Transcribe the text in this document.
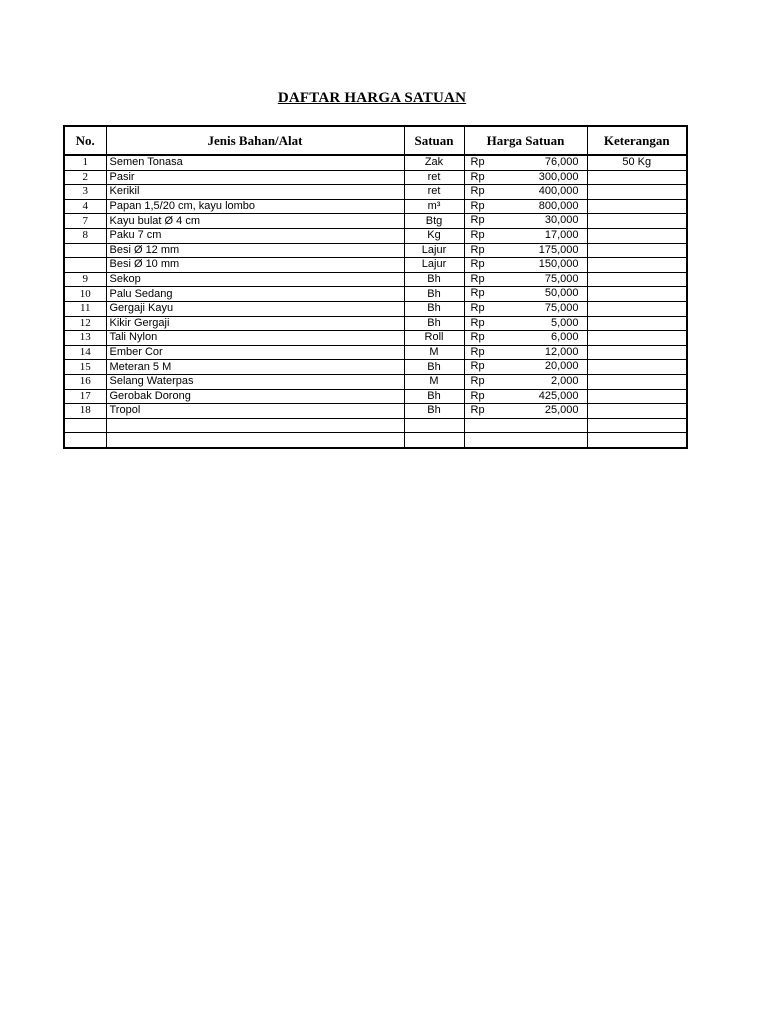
DAFTAR HARGA SATUAN
No.	Jenis Bahan/Alat	Satuan	Harga Satuan	Keterangan
1	Semen Tonasa	Zak	Rp 76,000	50 Kg
2	Pasir	ret	Rp 300,000	

3	Kerikil	ret	Rp 400,000	

4	Papan 1,5/20 cm, kayu lombo	m³	Rp 800,000	

7	Kayu bulat Ø 4 cm	Btg	Rp 30,000	

8	Paku 7 cm	Kg	Rp 17,000	

	Besi Ø 12 mm	Lajur	Rp 175,000	

	Besi Ø 10 mm	Lajur	Rp 150,000	

9	Sekop	Bh	Rp 75,000	

10	Palu Sedang	Bh	Rp 50,000	

11	Gergaji Kayu	Bh	Rp 75,000	

12	Kikir Gergaji	Bh	Rp 5,000	

13	Tali Nylon	Roll	Rp 6,000	

14	Ember Cor	M	Rp 12,000	

15	Meteran 5 M	Bh	Rp 20,000	

16	Selang Waterpas	M	Rp 2,000	

17	Gerobak Dorong	Bh	Rp 425,000	

18	Tropol	Bh	Rp 25,000	
